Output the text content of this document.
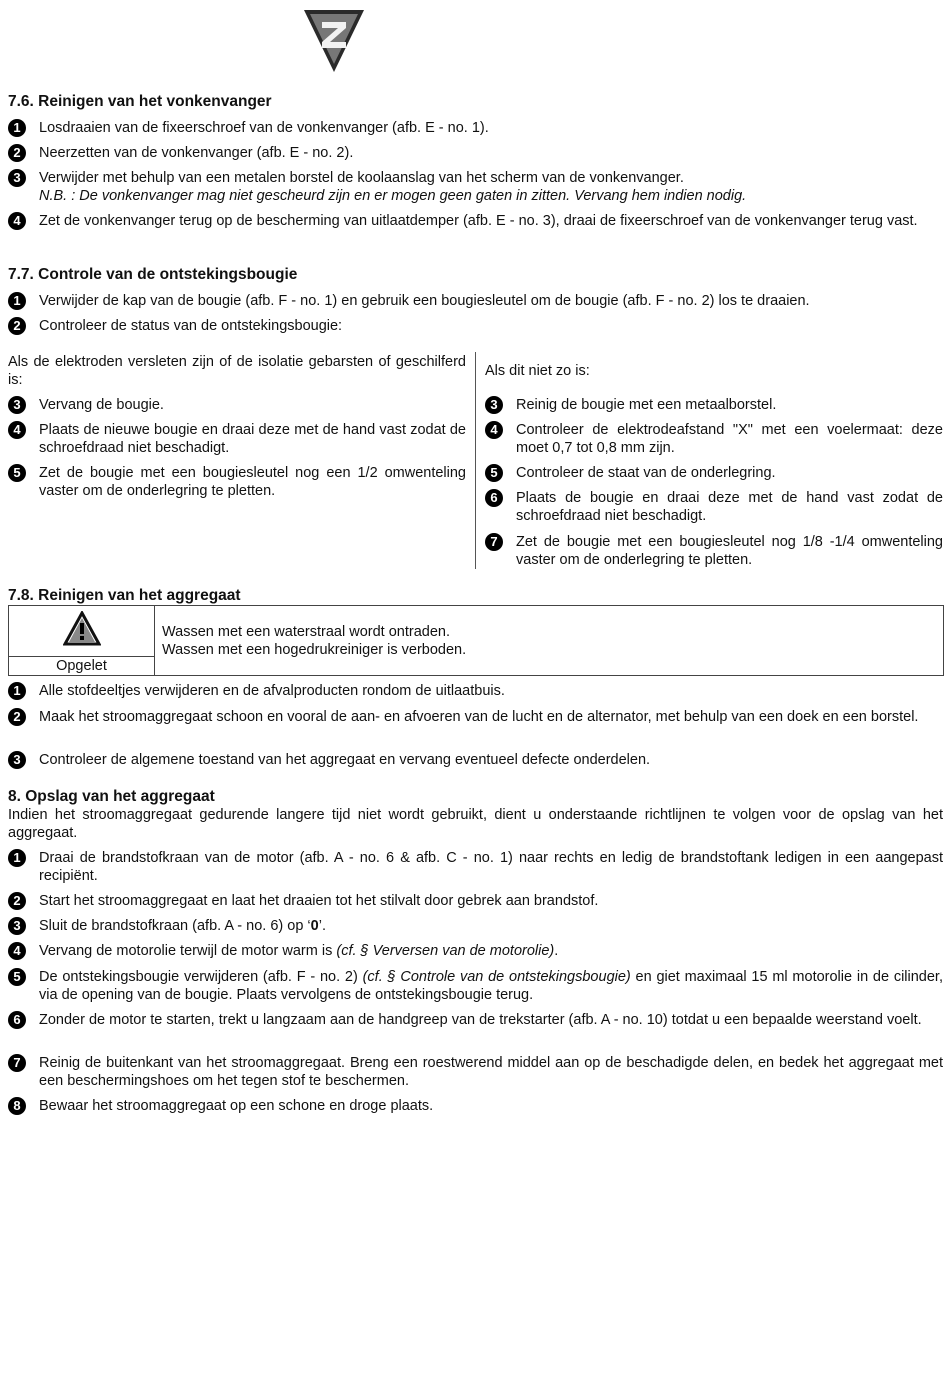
7.6. Reinigen van het vonkenvanger
1	Losdraaien van de fixeerschroef van de vonkenvanger (afb. E - no. 1).
2	Neerzetten van de vonkenvanger (afb. E - no. 2).
3	Verwijder met behulp van een metalen borstel de koolaanslag van het scherm van de vonkenvanger.
N.B. : De vonkenvanger mag niet gescheurd zijn en er mogen geen gaten in zitten. Vervang hem indien nodig.
4	Zet de vonkenvanger terug op de bescherming van uitlaatdemper (afb. E - no. 3), draai de fixeerschroef van de vonkenvanger terug vast.
7.7. Controle van de ontstekingsbougie
1	Verwijder de kap van de bougie (afb. F - no. 1) en gebruik een bougiesleutel om de bougie (afb. F - no. 2) los te draaien.
2	Controleer de status van de ontstekingsbougie:
Als de elektroden versleten zijn of de isolatie gebarsten of geschilferd is:
3	Vervang de bougie.
4	Plaats de nieuwe bougie en draai deze met de hand vast zodat de schroefdraad niet beschadigt.
5	Zet de bougie met een bougiesleutel nog een 1/2 omwenteling vaster om de onderlegring te pletten.
Als dit niet zo is:
3	Reinig de bougie met een metaalborstel.
4	Controleer de elektrodeafstand "X" met een voelermaat: deze moet 0,7 tot 0,8 mm zijn.
5	Controleer de staat van de onderlegring.
6	Plaats de bougie en draai deze met de hand vast zodat de schroefdraad niet beschadigt.
7	Zet de bougie met een bougiesleutel nog 1/8 -1/4 omwenteling vaster om de onderlegring te pletten.
7.8. Reinigen van het aggregaat
Opgelet
Wassen met een waterstraal wordt ontraden.
Wassen met een hogedrukreiniger is verboden.
1	Alle stofdeeltjes verwijderen en de afvalproducten rondom de uitlaatbuis.
2	Maak het stroomaggregaat schoon en vooral de aan- en afvoeren van de lucht en de alternator, met behulp van een doek en een borstel.
3	Controleer de algemene toestand van het aggregaat en vervang eventueel defecte onderdelen.
8. Opslag van het aggregaat
Indien het stroomaggregaat gedurende langere tijd niet wordt gebruikt, dient u onderstaande richtlijnen te volgen voor de opslag van het aggregaat.
1	Draai de brandstofkraan van de motor (afb. A - no. 6 & afb. C - no. 1) naar rechts en ledig de brandstoftank ledigen in een aangepast recipiënt.
2	Start het stroomaggregaat en laat het draaien tot het stilvalt door gebrek aan brandstof.
3	Sluit de brandstofkraan (afb. A - no. 6) op ‘0’.
4	Vervang de motorolie terwijl de motor warm is (cf. § Verversen van de motorolie).
5	De ontstekingsbougie verwijderen (afb. F - no. 2) (cf. § Controle van de ontstekingsbougie) en giet maximaal 15 ml motorolie in de cilinder, via de opening van de bougie. Plaats vervolgens de ontstekingsbougie terug.
6	Zonder de motor te starten, trekt u langzaam aan de handgreep van de trekstarter (afb. A - no. 10) totdat u een bepaalde weerstand voelt.
7	Reinig de buitenkant van het stroomaggregaat. Breng een roestwerend middel aan op de beschadigde delen, en bedek het aggregaat met een beschermingshoes om het tegen stof te beschermen.
8	Bewaar het stroomaggregaat op een schone en droge plaats.
